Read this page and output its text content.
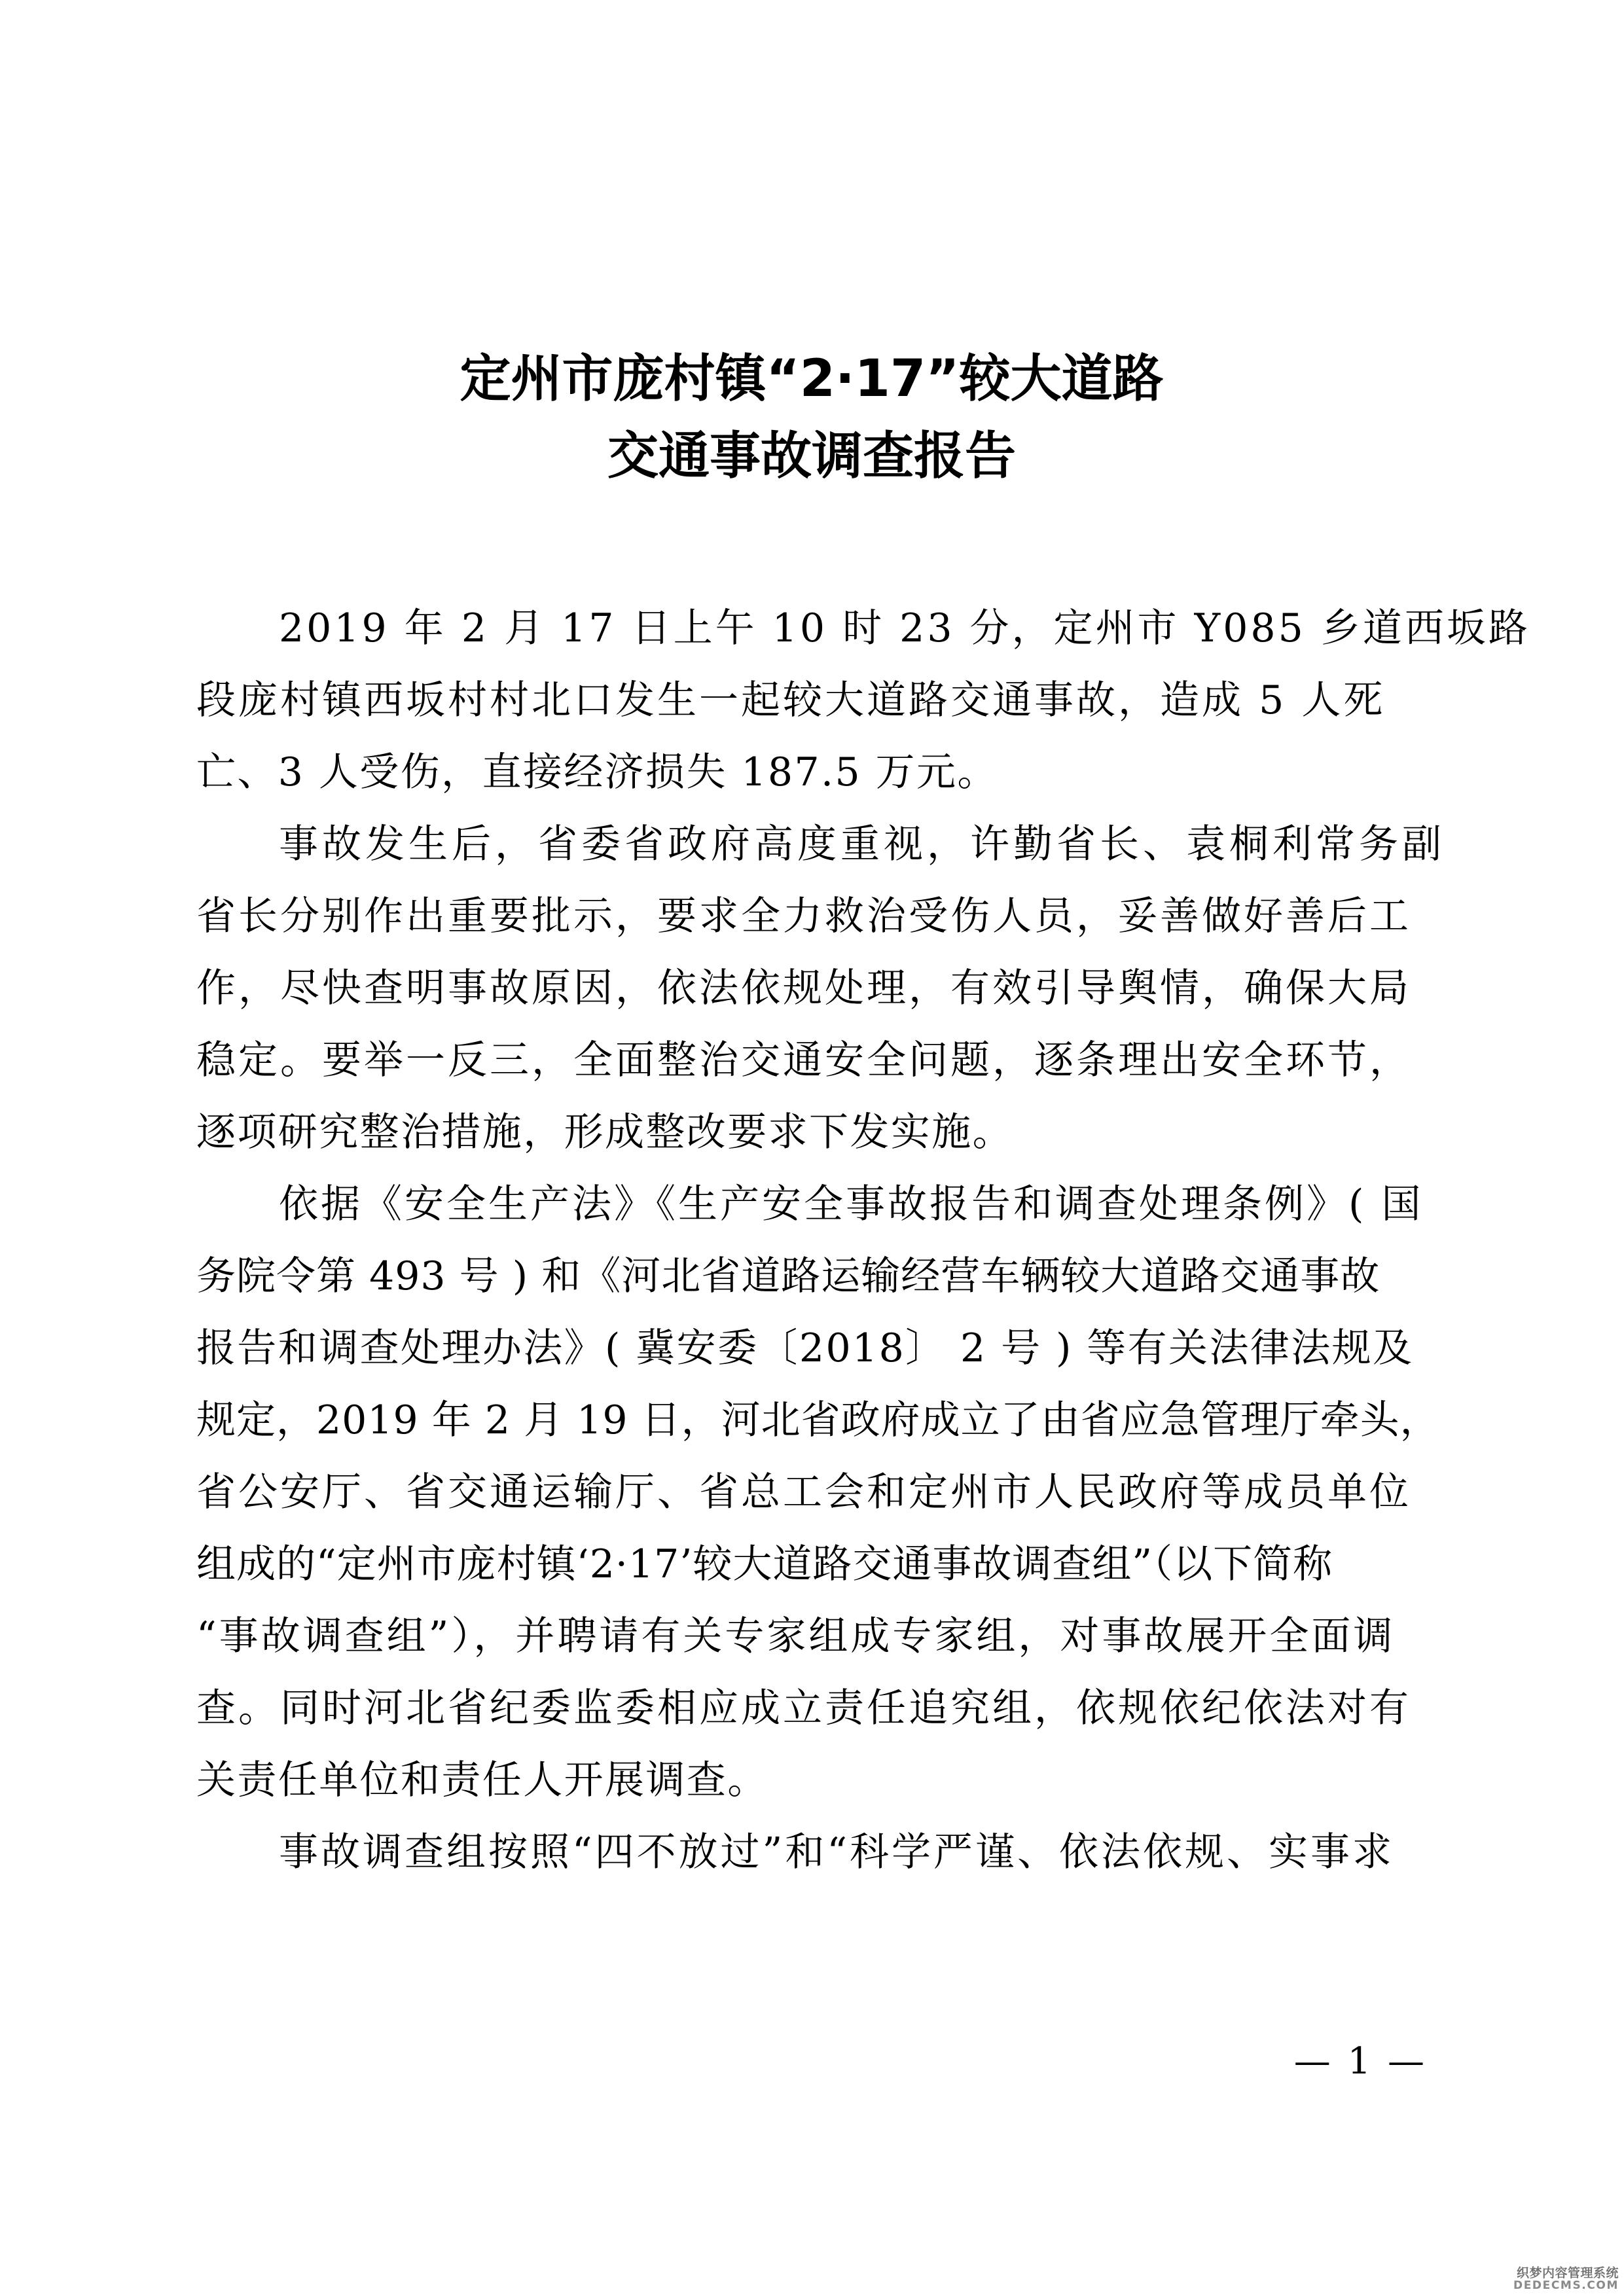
定州市庞村镇“2·17”较大道路
交通事故调查报告

2019 年 2 月 17 日上午 10 时 23 分，定州市 Y085 乡道西坂路
段庞村镇西坂村村北口发生一起较大道路交通事故，造成 5 人死
亡、3 人受伤，直接经济损失 187.5 万元。

事故发生后，省委省政府高度重视，许勤省长、袁桐利常务副
省长分别作出重要批示，要求全力救治受伤人员，妥善做好善后工
作，尽快查明事故原因，依法依规处理，有效引导舆情，确保大局
稳定。要举一反三，全面整治交通安全问题，逐条理出安全环节，
逐项研究整治措施，形成整改要求下发实施。

依据《安全生产法》《生产安全事故报告和调查处理条例》( 国
务院令第 493 号 ) 和《河北省道路运输经营车辆较大道路交通事故
报告和调查处理办法》( 冀安委〔2018〕 2 号 ) 等有关法律法规及
规定，2019 年 2 月 19 日，河北省政府成立了由省应急管理厅牵头，
省公安厅、省交通运输厅、省总工会和定州市人民政府等成员单位
组成的“定州市庞村镇‘2·17’较大道路交通事故调查组”（以下简称
“事故调查组”），并聘请有关专家组成专家组，对事故展开全面调
查。同时河北省纪委监委相应成立责任追究组，依规依纪依法对有
关责任单位和责任人开展调查。

事故调查组按照“四不放过”和“科学严谨、依法依规、实事求

— 1 —
织梦内容管理系统
DEDECMS.COM
